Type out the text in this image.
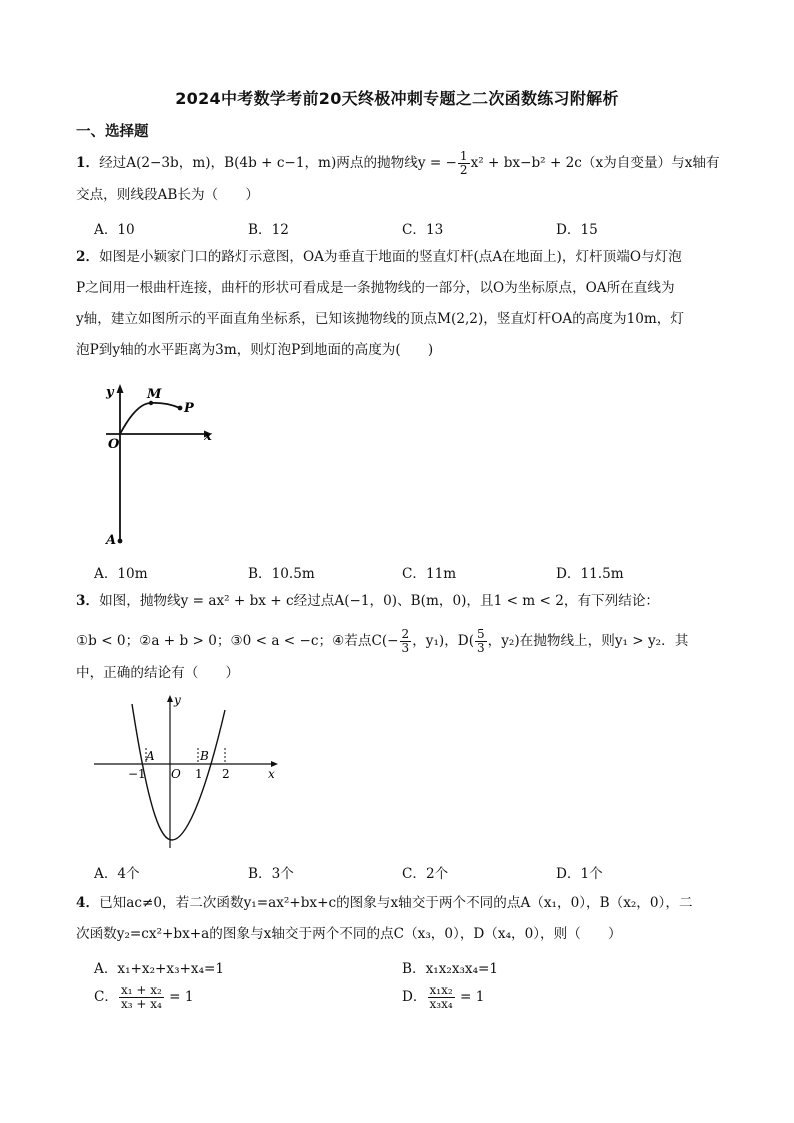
2024中考数学考前20天终极冲刺专题之二次函数练习附解析
一、选择题
1．经过A(2−3b，m)，B(4b + c−1，m)两点的抛物线y = − $\frac{1}{2} x^2 + bx-b^2 + 2c(x$为自变量）与x轴有
交点，则线段AB长为（　　）
A．10	B．12	C．13	D．15
2．如图是小颖家门口的路灯示意图，OA为垂直于地面的竖直灯杆(点A在地面上)，灯杆顶端O与灯泡
P之间用一根曲杆连接，曲杆的形状可看成是一条抛物线的一部分，以O为坐标原点，OA所在直线为
y轴，建立如图所示的平面直角坐标系，已知该抛物线的顶点M(2,2)，竖直灯杆OA的高度为10m，灯
泡P到y轴的水平距离为3m，则灯泡P到地面的高度为(　　)
y
x
O
M
P
A
A．10m	B．10.5m	C．11m	D．11.5m
3．如图，抛物线y = ax² + bx + c经过点A(−1，0)、B(m，0)，且1 < m < 2，有下列结论：
①b < 0；②a + b > 0；③0 < a < −c；④若点$C(- \frac{2}{3}$ ，y₁)，$D( \frac{5}{3}$ ，y₂)在抛物线上，则y₁ > y₂．其
中，正确的结论有（　　）
y
x
A	B
O
−1	1 2
A．4个	B．3个	C．2个	D．1个
4．已知ac≠0，若二次函数y₁=ax²+bx+c的图象与x轴交于两个不同的点A（x₁，0），B（x₂，0），二
次函数y₂=cx²+bx+a的图象与x轴交于两个不同的点C（x₃，0），D（x₄，0），则（　　）
A．x₁+x₂+x₃+x₄=1	B．x₁x₂x₃x₄=1
C． $\frac{\text{x₁ + x₂}}{\text{x₃ + x₄}} = 1$	D． $\frac{\text{x₁x₂}}{\text{x₃x₄}} = 1$
